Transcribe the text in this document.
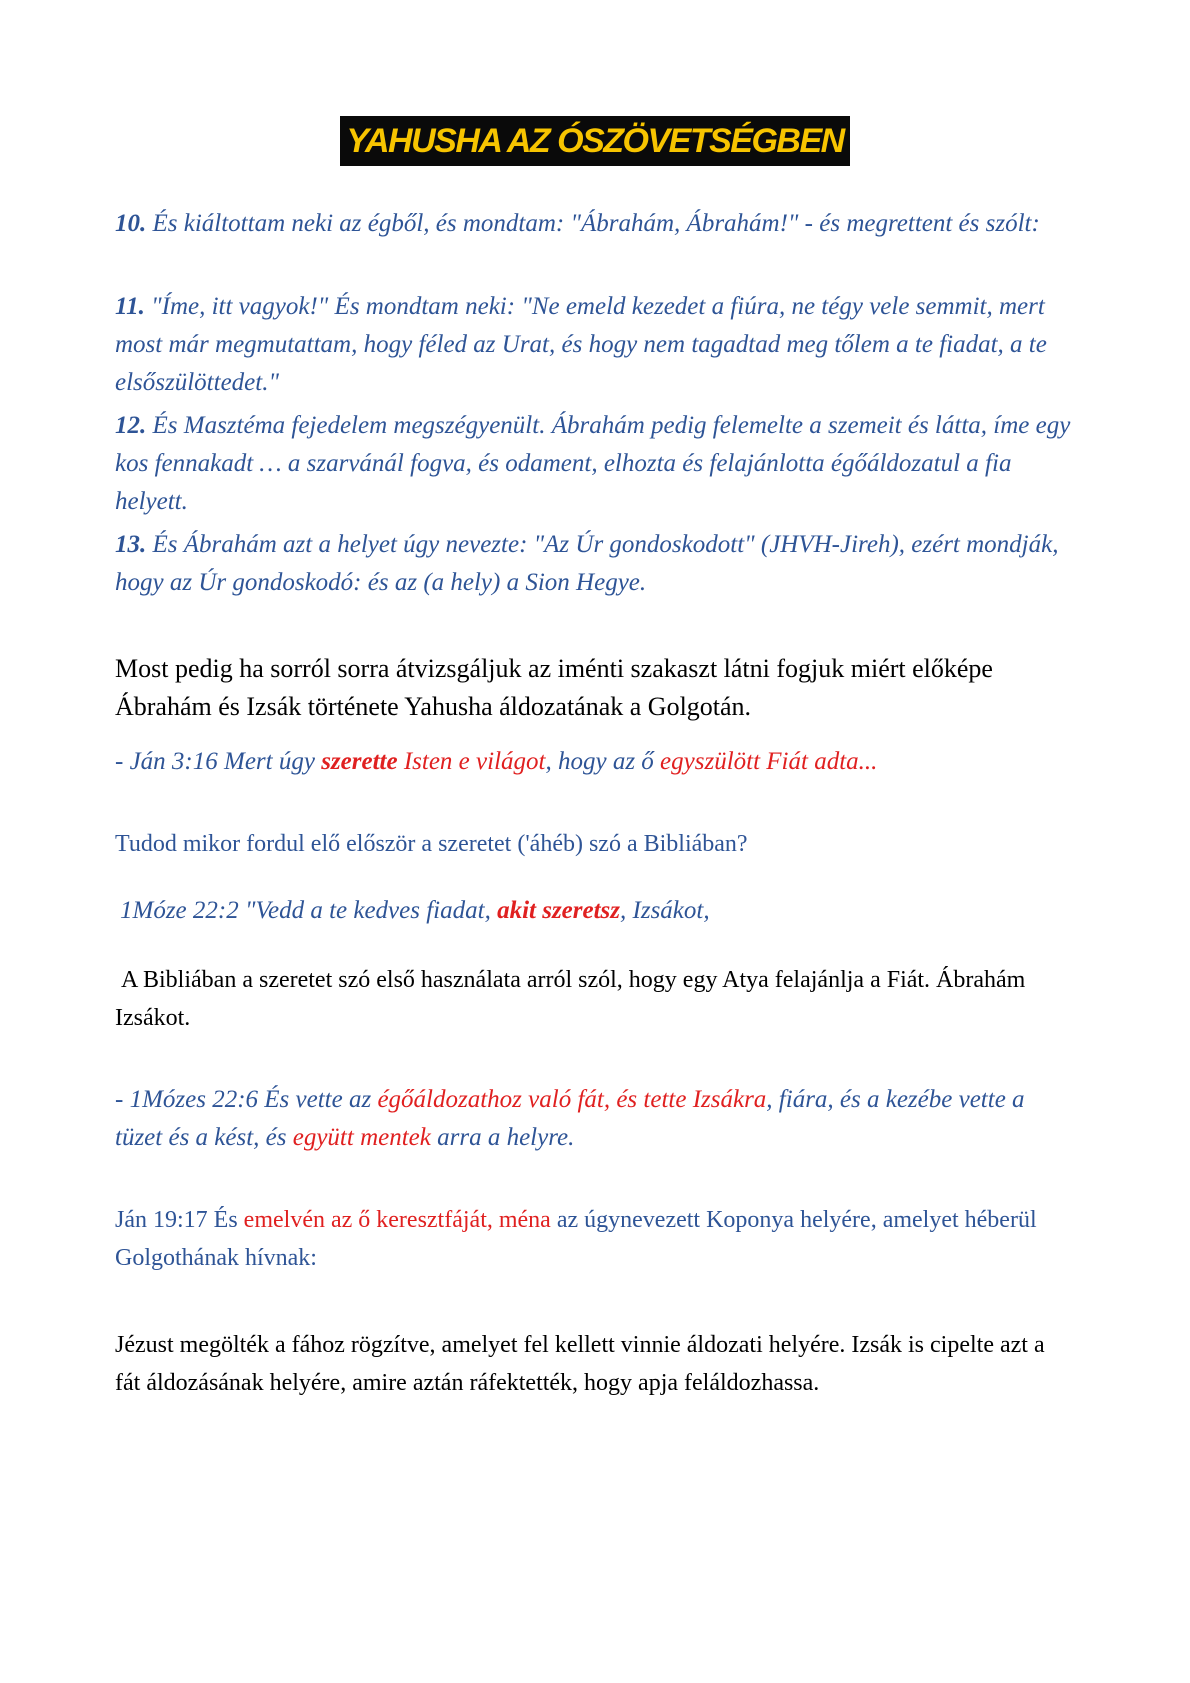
YAHUSHA AZ ÓSZÖVETSÉGBEN

10. És kiáltottam neki az égből, és mondtam: "Ábrahám, Ábrahám!" - és megrettent és szólt:

11. "Íme, itt vagyok!" És mondtam neki: "Ne emeld kezedet a fiúra, ne tégy vele semmit, mert most már megmutattam, hogy féled az Urat, és hogy nem tagadtad meg tőlem a te fiadat, a te elsőszülöttedet."

12. És Masztéma fejedelem megszégyenült. Ábrahám pedig felemelte a szemeit és látta, íme egy kos fennakadt … a szarvánál fogva, és odament, elhozta és felajánlotta égőáldozatul a fia helyett.

13. És Ábrahám azt a helyet úgy nevezte: "Az Úr gondoskodott" (JHVH-Jireh), ezért mondják, hogy az Úr gondoskodó: és az (a hely) a Sion Hegye.

Most pedig ha sorról sorra átvizsgáljuk az iménti szakaszt látni fogjuk miért előképe Ábrahám és Izsák története Yahusha áldozatának a Golgotán.

- Ján 3:16 Mert úgy szerette Isten e világot, hogy az ő egyszülött Fiát adta...

Tudod mikor fordul elő először a szeretet ('áhéb) szó a Bibliában?

1Móze 22:2 "Vedd a te kedves fiadat, akit szeretsz, Izsákot,

A Bibliában a szeretet szó első használata arról szól, hogy egy Atya felajánlja a Fiát. Ábrahám Izsákot.

- 1Mózes 22:6 És vette az égőáldozathoz való fát, és tette Izsákra, fiára, és a kezébe vette a tüzet és a kést, és együtt mentek arra a helyre.

Ján 19:17 És emelvén az ő keresztfáját, ména az úgynevezett Koponya helyére, amelyet héberül Golgothának hívnak:

Jézust megölték a fához rögzítve, amelyet fel kellett vinnie áldozati helyére. Izsák is cipelte azt a fát áldozásának helyére, amire aztán ráfektették, hogy apja feláldozhassa.
